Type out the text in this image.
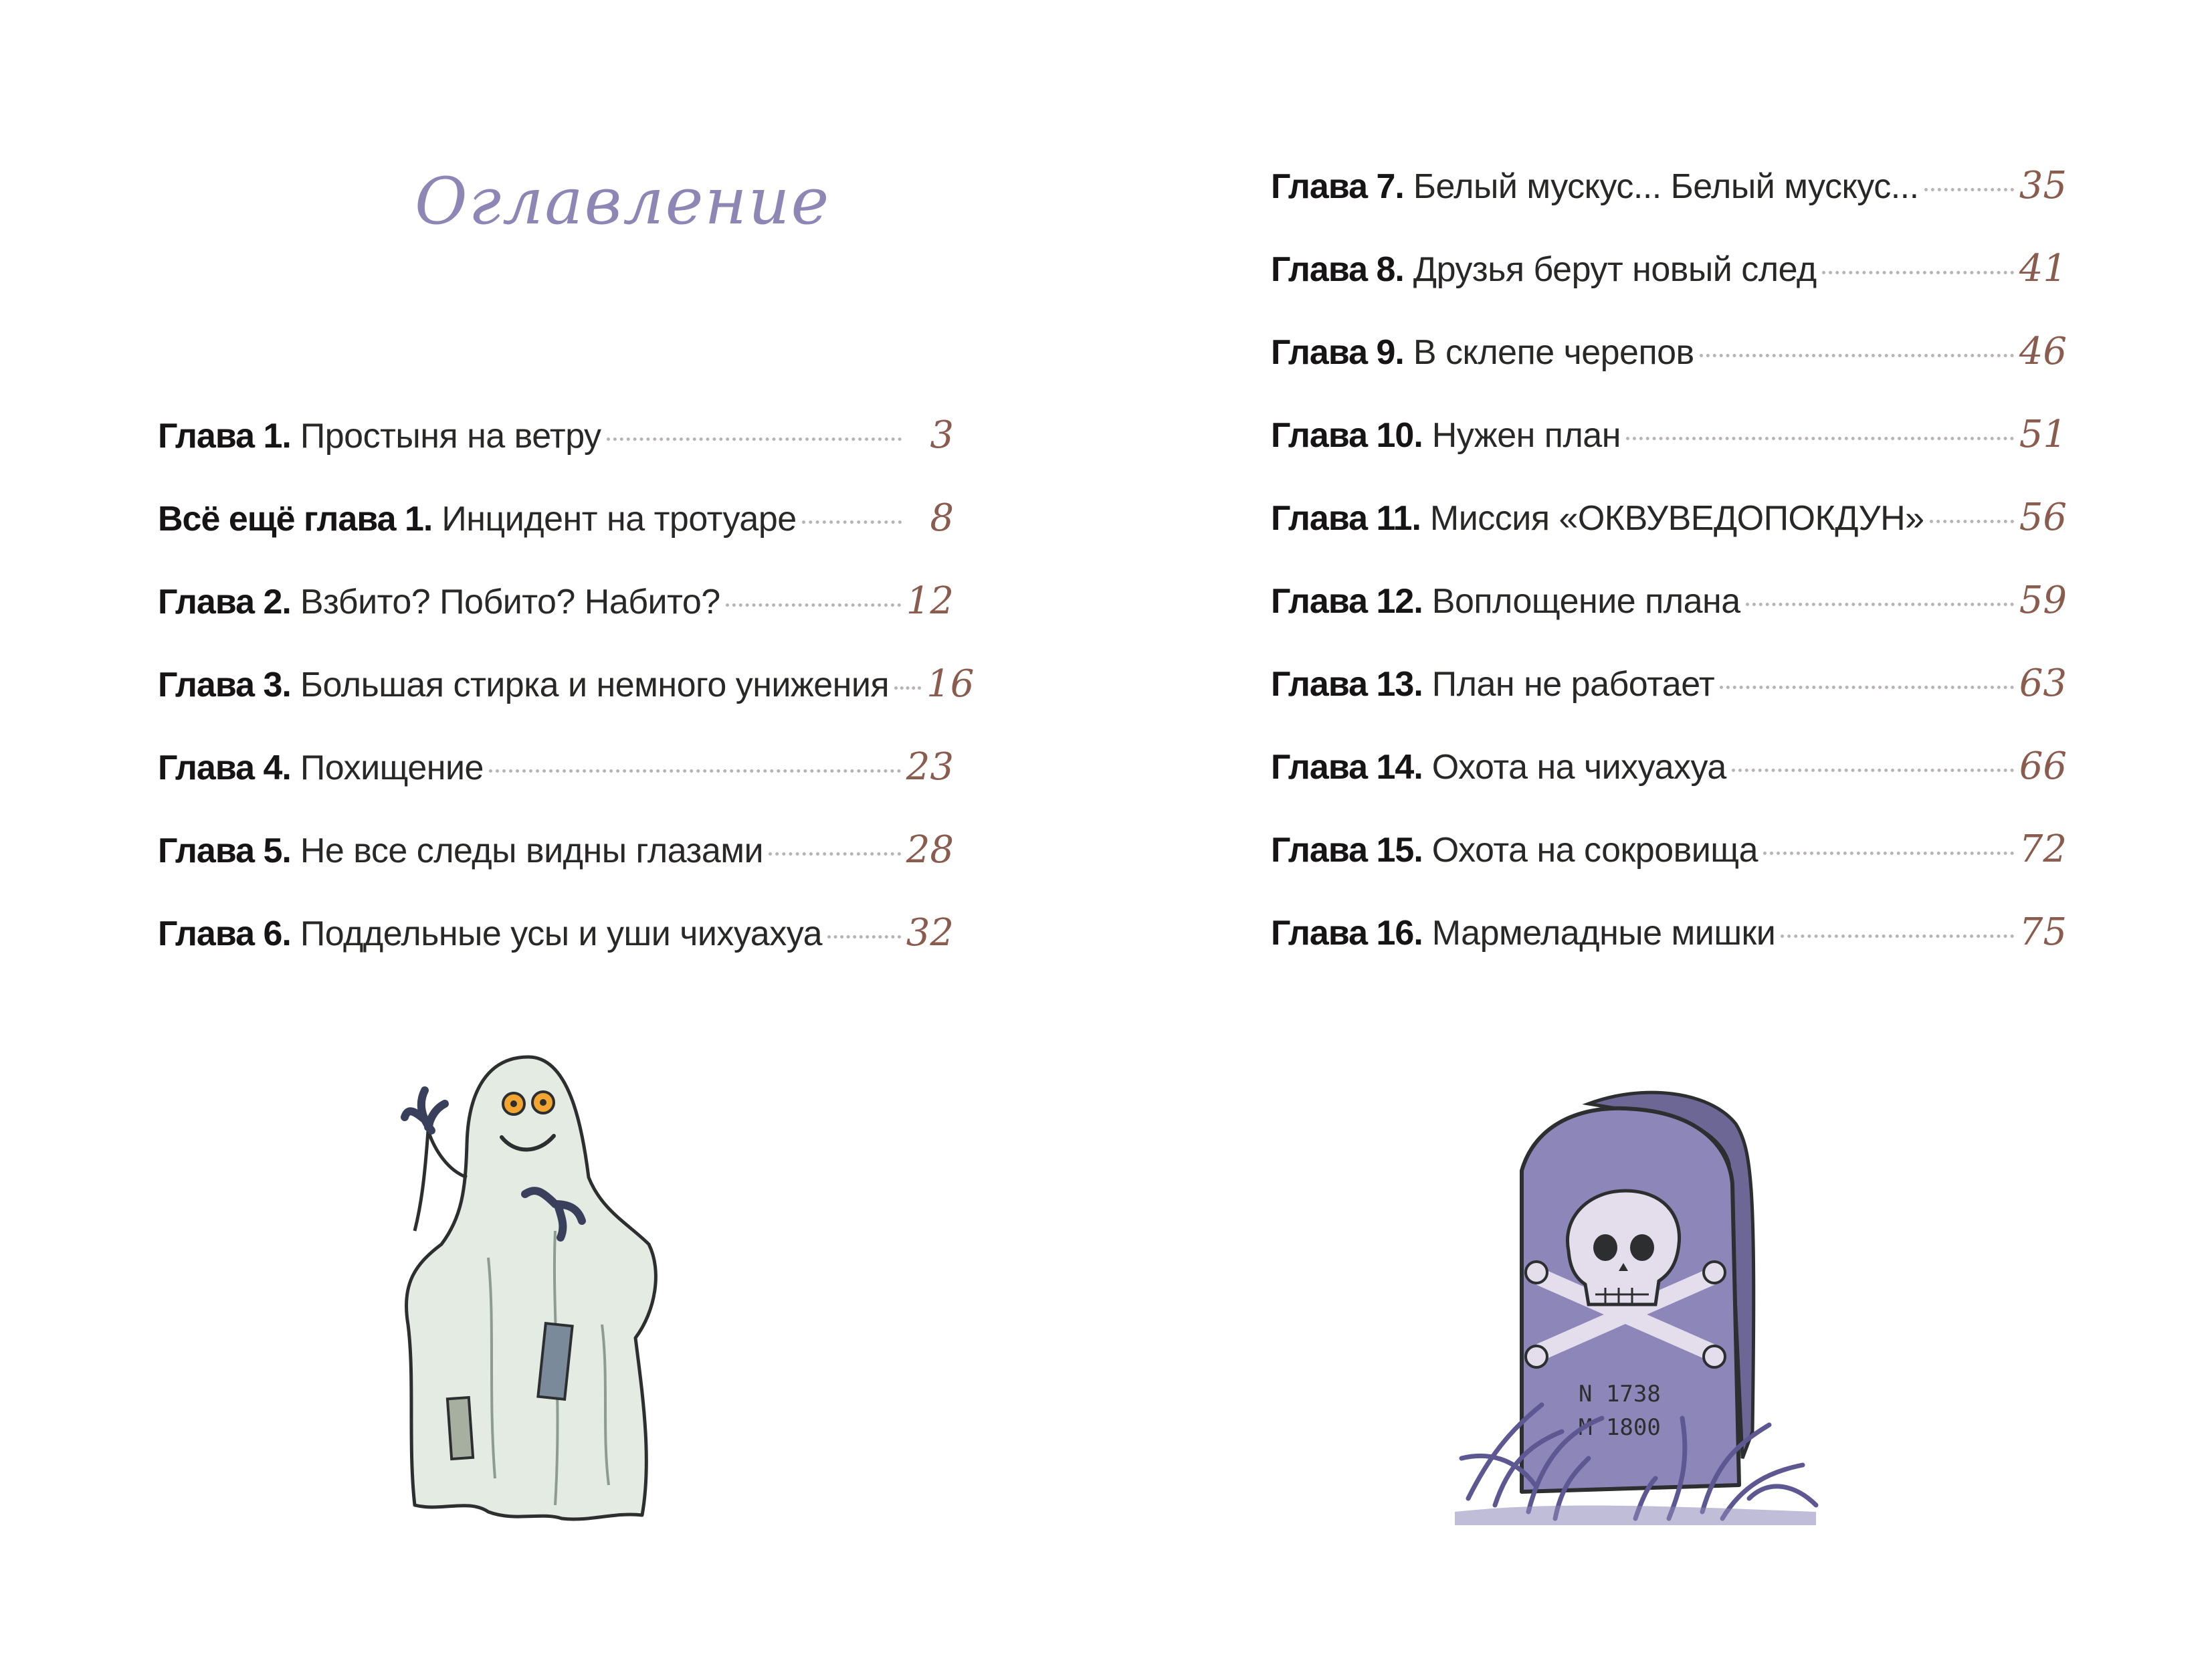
Оглавление
Глава 1. Простыня на ветру	3
Всё ещё глава 1. Инцидент на тротуаре	8
Глава 2. Взбито? Побито? Набито?	12
Глава 3. Большая стирка и немного унижения 16
Глава 4. Похищение	23
Глава 5. Не все следы видны глазами	28
Глава 6. Поддельные усы и уши чихуахуа 32
Глава 7. Белый мускус... Белый мускус...	35
Глава 8. Друзья берут новый след	41
Глава 9. В склепе черепов	46
Глава 10. Нужен план	51
Глава 11. Миссия «ОКВУВЕДОПОКДУН»	56
Глава 12. Воплощение плана	59
Глава 13. План не работает	63
Глава 14. Охота на чихуахуа	66
Глава 15. Охота на сокровища	72
Глава 16. Мармеладные мишки	75
N 1738
M 1800
